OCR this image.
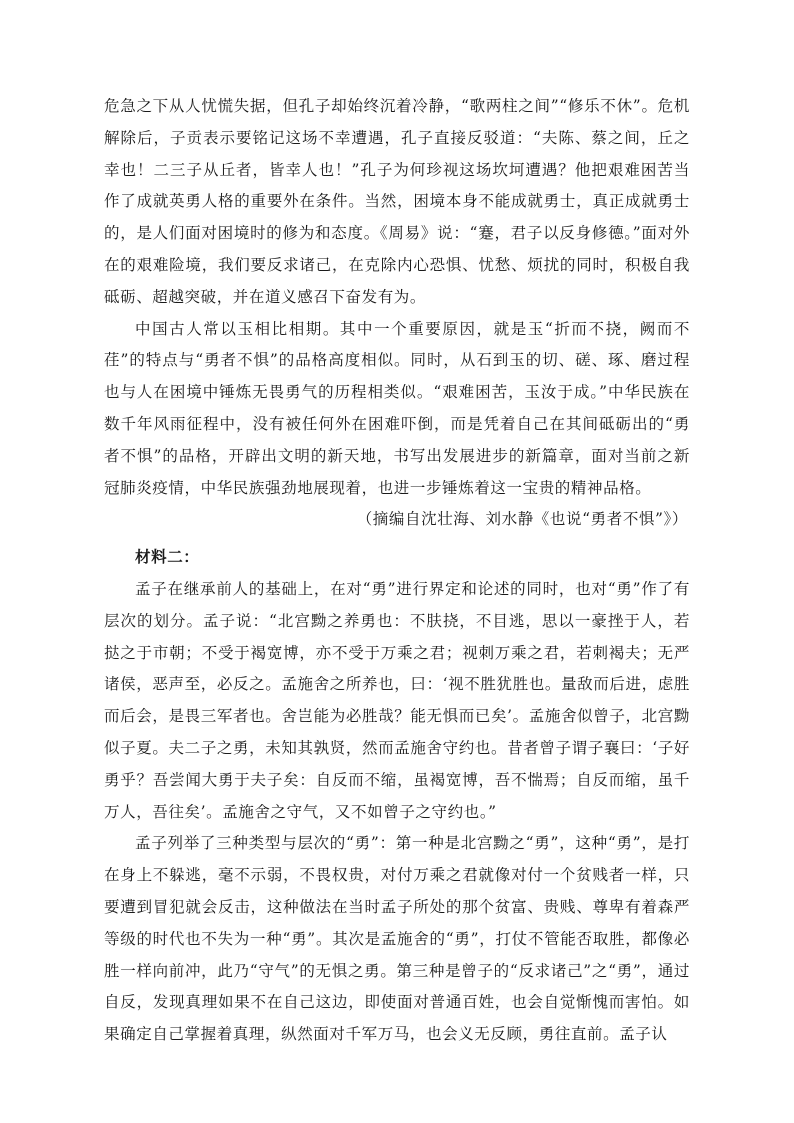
危急之下从人忧慌失据，但孔子却始终沉着冷静，“歌两柱之间”“修乐不休”。危机解除后，子贡表示要铭记这场不幸遭遇，孔子直接反驳道：“夫陈、蔡之间，丘之幸也！二三子从丘者，皆幸人也！”孔子为何珍视这场坎坷遭遇？他把艰难困苦当作了成就英勇人格的重要外在条件。当然，困境本身不能成就勇士，真正成就勇士的，是人们面对困境时的修为和态度。《周易》说：“蹇，君子以反身修德。”面对外在的艰难险境，我们要反求诸己，在克除内心恐惧、忧愁、烦扰的同时，积极自我砥砺、超越突破，并在道义感召下奋发有为。

中国古人常以玉相比相期。其中一个重要原因，就是玉“折而不挠，阙而不荏”的特点与“勇者不惧”的品格高度相似。同时，从石到玉的切、磋、琢、磨过程也与人在困境中锤炼无畏勇气的历程相类似。“艰难困苦，玉汝于成。”中华民族在数千年风雨征程中，没有被任何外在困难吓倒，而是凭着自己在其间砥砺出的“勇者不惧”的品格，开辟出文明的新天地，书写出发展进步的新篇章，面对当前之新冠肺炎疫情，中华民族强劲地展现着，也进一步锤炼着这一宝贵的精神品格。

（摘编自沈壮海、刘水静《也说“勇者不惧”》）

材料二：

孟子在继承前人的基础上，在对“勇”进行界定和论述的同时，也对“勇”作了有层次的划分。孟子说：“北宫黝之养勇也：不肤挠，不目逃，思以一豪挫于人，若挞之于市朝；不受于褐宽博，亦不受于万乘之君；视刺万乘之君，若刺褐夫；无严诸侯，恶声至，必反之。孟施舍之所养也，曰：‘视不胜犹胜也。量敌而后进，虑胜而后会，是畏三军者也。舍岂能为必胜哉？能无惧而已矣’。孟施舍似曾子，北宫黝似子夏。夫二子之勇，未知其孰贤，然而孟施舍守约也。昔者曾子谓子襄曰：‘子好勇乎？吾尝闻大勇于夫子矣：自反而不缩，虽褐宽博，吾不惴焉；自反而缩，虽千万人，吾往矣’。孟施舍之守气，又不如曾子之守约也。”

孟子列举了三种类型与层次的“勇”：第一种是北宫黝之“勇”，这种“勇”，是打在身上不躲逃，毫不示弱，不畏权贵，对付万乘之君就像对付一个贫贱者一样，只要遭到冒犯就会反击，这种做法在当时孟子所处的那个贫富、贵贱、尊卑有着森严等级的时代也不失为一种“勇”。其次是孟施舍的“勇”，打仗不管能否取胜，都像必胜一样向前冲，此乃“守气”的无惧之勇。第三种是曾子的“反求诸己”之“勇”，通过自反，发现真理如果不在自己这边，即使面对普通百姓，也会自觉惭愧而害怕。如果确定自己掌握着真理，纵然面对千军万马，也会义无反顾，勇往直前。孟子认
